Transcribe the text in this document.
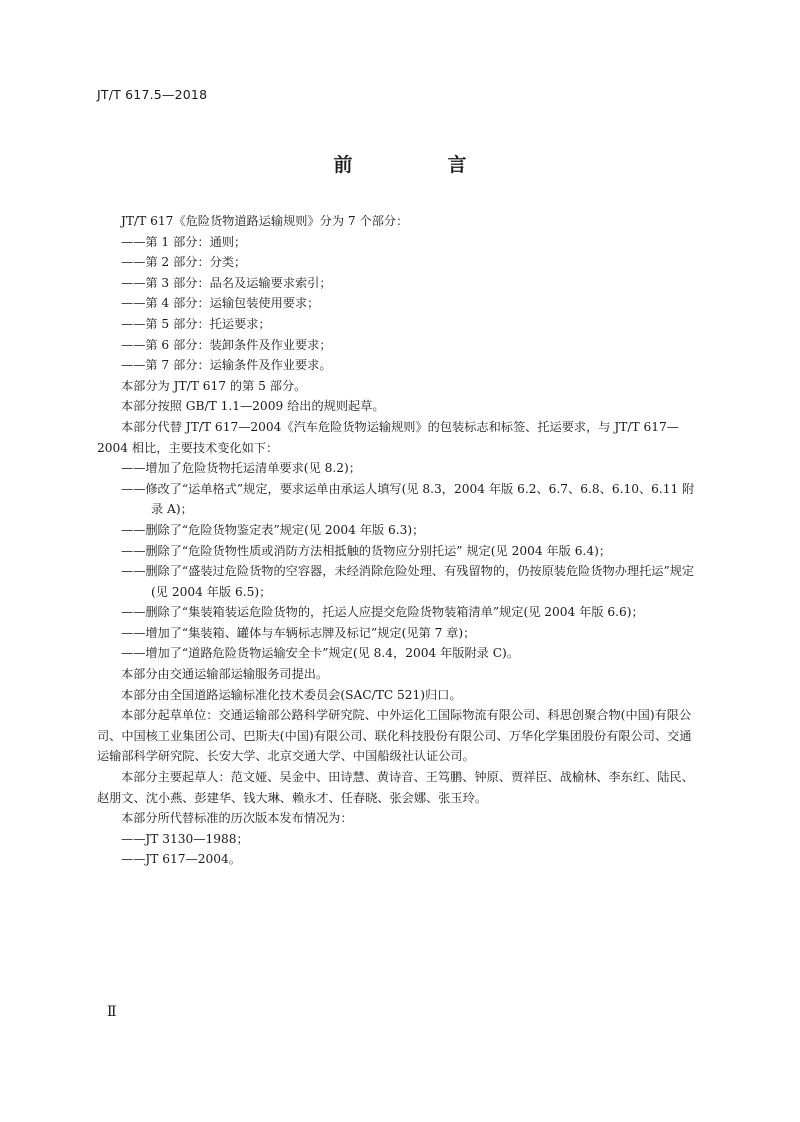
JT/T 617.5—2018
前　言

JT/T 617《危险货物道路运输规则》分为 7 个部分：

——第 1 部分：通则；

——第 2 部分：分类；

——第 3 部分：品名及运输要求索引；

——第 4 部分：运输包装使用要求；

——第 5 部分：托运要求；

——第 6 部分：装卸条件及作业要求；

——第 7 部分：运输条件及作业要求。

本部分为 JT/T 617 的第 5 部分。

本部分按照 GB/T 1.1—2009 给出的规则起草。

本部分代替 JT/T 617—2004《汽车危险货物运输规则》的包装标志和标签、托运要求，与 JT/T 617—2004 相比，主要技术变化如下：

——增加了危险货物托运清单要求(见 8.2)；

——修改了“运单格式”规定，要求运单由承运人填写(见 8.3，2004 年版 6.2、6.7、6.8、6.10、6.11 附录 A)；

——删除了“危险货物鉴定表”规定(见 2004 年版 6.3)；

——删除了“危险货物性质或消防方法相抵触的货物应分别托运” 规定(见 2004 年版 6.4)；

——删除了“盛装过危险货物的空容器，未经消除危险处理、有残留物的，仍按原装危险货物办理托运”规定(见 2004 年版 6.5)；

——删除了“集装箱装运危险货物的，托运人应提交危险货物装箱清单”规定(见 2004 年版 6.6)；

——增加了“集装箱、罐体与车辆标志牌及标记”规定(见第 7 章)；

——增加了“道路危险货物运输安全卡”规定(见 8.4，2004 年版附录 C)。

本部分由交通运输部运输服务司提出。

本部分由全国道路运输标准化技术委员会(SAC/TC 521)归口。

本部分起草单位：交通运输部公路科学研究院、中外运化工国际物流有限公司、科思创聚合物(中国)有限公司、中国核工业集团公司、巴斯夫(中国)有限公司、联化科技股份有限公司、万华化学集团股份有限公司、交通运输部科学研究院、长安大学、北京交通大学、中国船级社认证公司。

本部分主要起草人：范文娅、吴金中、田诗慧、黄诗音、王笃鹏、钟原、贾祥臣、战榆林、李东红、陆民、赵朋文、沈小燕、彭建华、钱大琳、赖永才、任春晓、张会娜、张玉玲。

本部分所代替标准的历次版本发布情况为：

——JT 3130—1988；

——JT 617—2004。

Ⅱ
